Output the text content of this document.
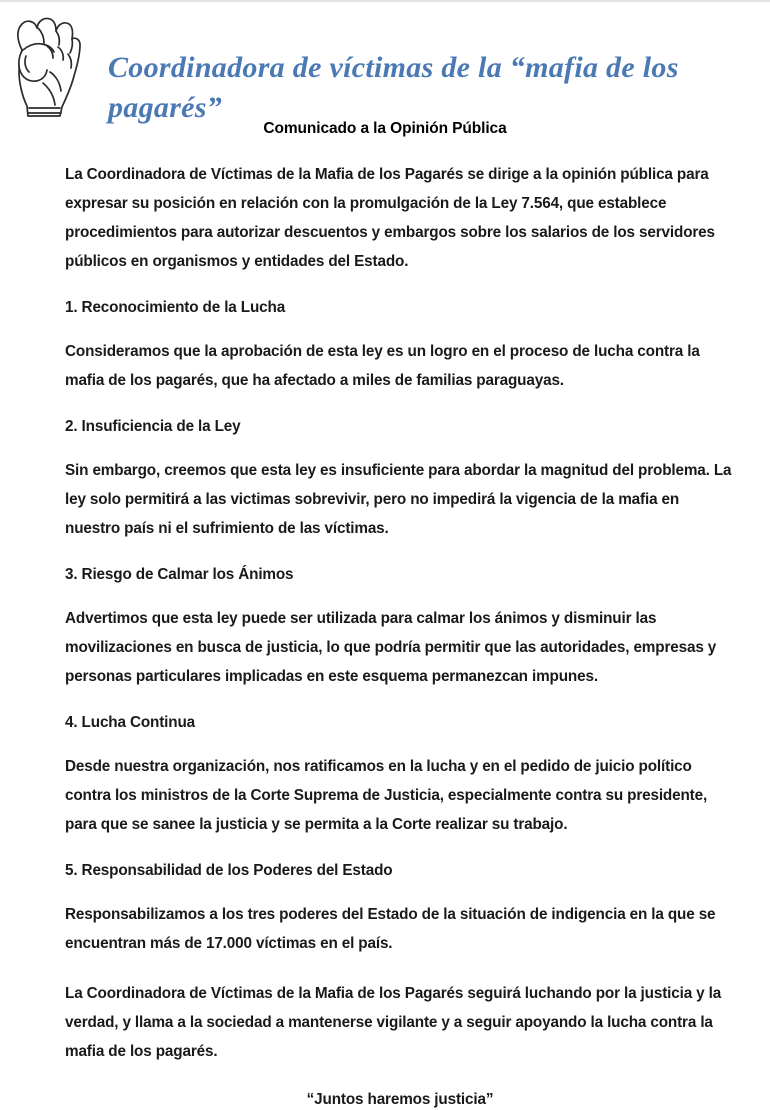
Coordinadora de víctimas de la “mafia de los pagarés”

Comunicado a la Opinión Pública

La Coordinadora de Víctimas de la Mafia de los Pagarés se dirige a la opinión pública para expresar su posición en relación con la promulgación de la Ley 7.564, que establece procedimientos para autorizar descuentos y embargos sobre los salarios de los servidores públicos en organismos y entidades del Estado.

1. Reconocimiento de la Lucha

Consideramos que la aprobación de esta ley es un logro en el proceso de lucha contra la mafia de los pagarés, que ha afectado a miles de familias paraguayas.

2. Insuficiencia de la Ley

Sin embargo, creemos que esta ley es insuficiente para abordar la magnitud del problema. La ley solo permitirá a las victimas sobrevivir, pero no impedirá la vigencia de la mafia en nuestro país ni el sufrimiento de las víctimas.

3. Riesgo de Calmar los Ánimos

Advertimos que esta ley puede ser utilizada para calmar los ánimos y disminuir las movilizaciones en busca de justicia, lo que podría permitir que las autoridades, empresas y personas particulares implicadas en este esquema permanezcan impunes.

4. Lucha Continua

Desde nuestra organización, nos ratificamos en la lucha y en el pedido de juicio político contra los ministros de la Corte Suprema de Justicia, especialmente contra su presidente, para que se sanee la justicia y se permita a la Corte realizar su trabajo.

5. Responsabilidad de los Poderes del Estado

Responsabilizamos a los tres poderes del Estado de la situación de indigencia en la que se encuentran más de 17.000 víctimas en el país.

La Coordinadora de Víctimas de la Mafia de los Pagarés seguirá luchando por la justicia y la verdad, y llama a la sociedad a mantenerse vigilante y a seguir apoyando la lucha contra la mafia de los pagarés.

“Juntos haremos justicia”
